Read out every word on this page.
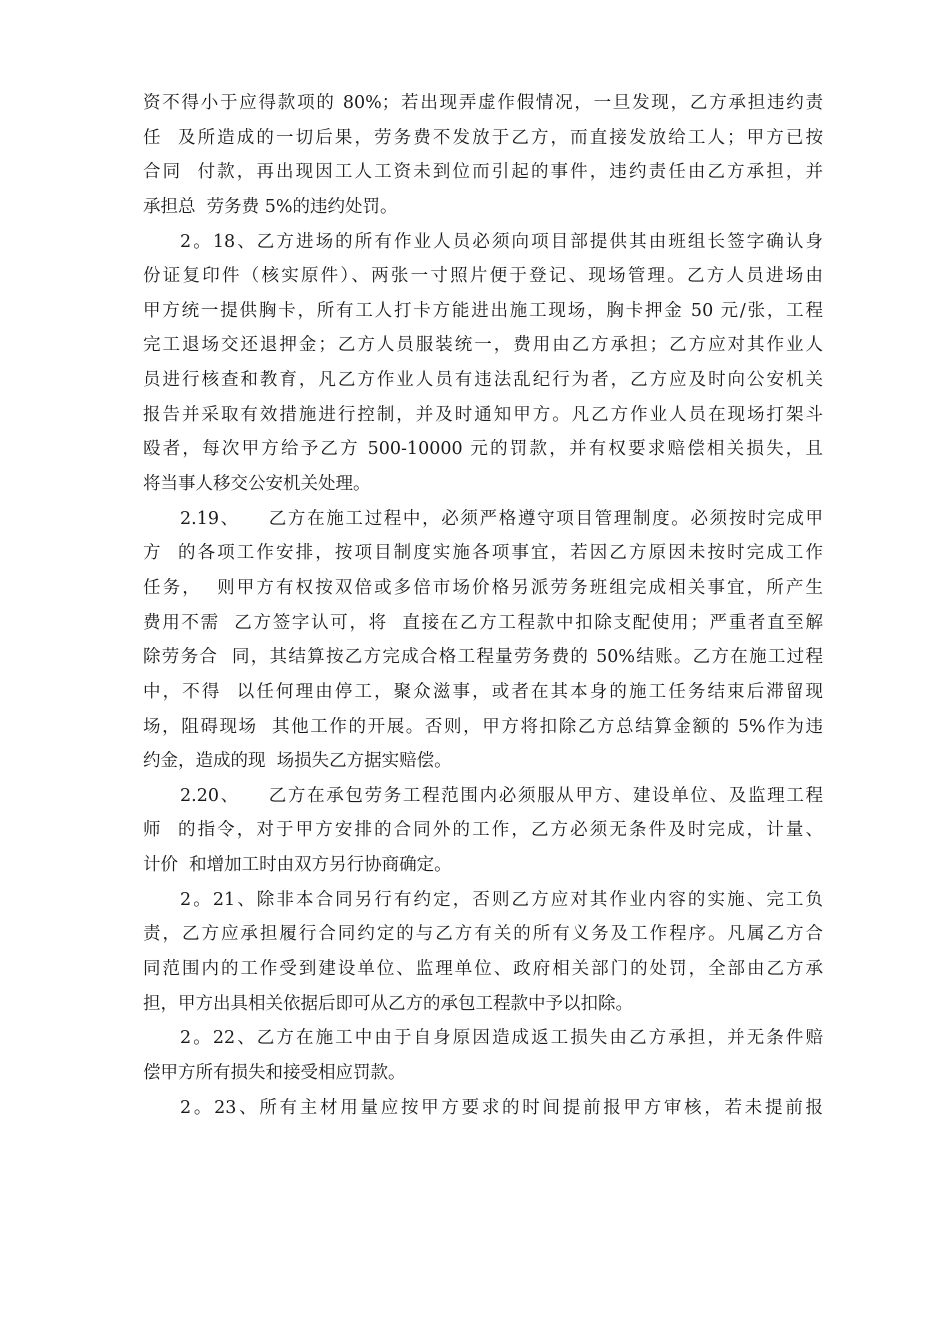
资不得小于应得款项的 80%；若出现弄虚作假情况，一旦发现，乙方承担违约责
任  及所造成的一切后果，劳务费不发放于乙方，而直接发放给工人；甲方已按
合同  付款，再出现因工人工资未到位而引起的事件，违约责任由乙方承担，并
承担总  劳务费 5%的违约处罚。
2。18、乙方进场的所有作业人员必须向项目部提供其由班组长签字确认身
份证复印件（核实原件）、两张一寸照片便于登记、现场管理。乙方人员进场由
甲方统一提供胸卡，所有工人打卡方能进出施工现场，胸卡押金 50 元/张，工程
完工退场交还退押金；乙方人员服装统一，费用由乙方承担；乙方应对其作业人
员进行核查和教育，凡乙方作业人员有违法乱纪行为者，乙方应及时向公安机关
报告并采取有效措施进行控制，并及时通知甲方。凡乙方作业人员在现场打架斗
殴者，每次甲方给予乙方 500-10000 元的罚款，并有权要求赔偿相关损失，且
将当事人移交公安机关处理。
2.19、    乙方在施工过程中，必须严格遵守项目管理制度。必须按时完成甲
方  的各项工作安排，按项目制度实施各项事宜，若因乙方原因未按时完成工作
任务，  则甲方有权按双倍或多倍市场价格另派劳务班组完成相关事宜，所产生
费用不需  乙方签字认可，将  直接在乙方工程款中扣除支配使用；严重者直至解
除劳务合  同，其结算按乙方完成合格工程量劳务费的 50%结账。乙方在施工过程
中，不得  以任何理由停工，聚众滋事，或者在其本身的施工任务结束后滞留现
场，阻碍现场  其他工作的开展。否则，甲方将扣除乙方总结算金额的 5%作为违
约金，造成的现  场损失乙方据实赔偿。
2.20、    乙方在承包劳务工程范围内必须服从甲方、建设单位、及监理工程
师  的指令，对于甲方安排的合同外的工作，乙方必须无条件及时完成，计量、
计价  和增加工时由双方另行协商确定。
2。21、除非本合同另行有约定，否则乙方应对其作业内容的实施、完工负
责，乙方应承担履行合同约定的与乙方有关的所有义务及工作程序。凡属乙方合
同范围内的工作受到建设单位、监理单位、政府相关部门的处罚，全部由乙方承
担，甲方出具相关依据后即可从乙方的承包工程款中予以扣除。
2。22、乙方在施工中由于自身原因造成返工损失由乙方承担，并无条件赔
偿甲方所有损失和接受相应罚款。
2。23、所有主材用量应按甲方要求的时间提前报甲方审核，若未提前报
